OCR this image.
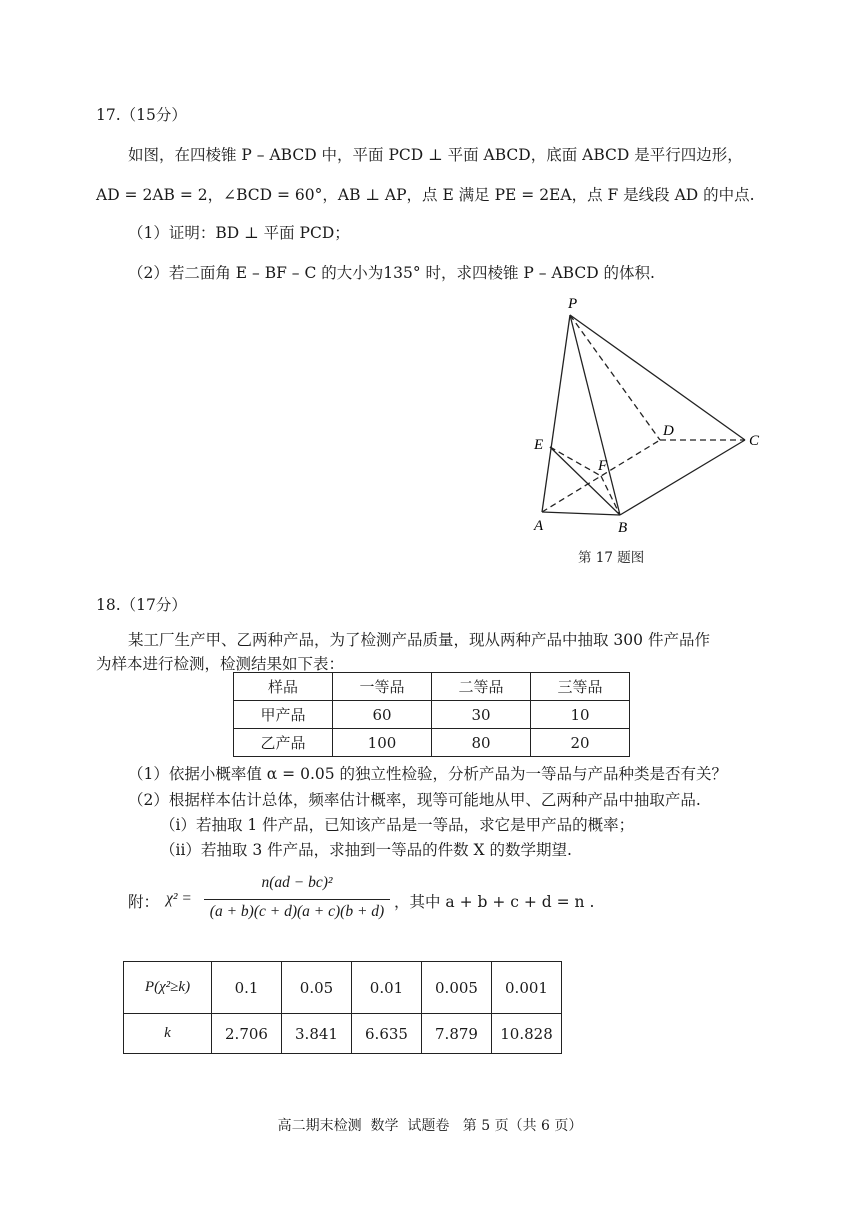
17.（15分）
如图，在四棱锥 P – ABCD 中，平面 PCD ⊥ 平面 ABCD，底面 ABCD 是平行四边形，
AD = 2AB = 2，∠BCD = 60°，AB ⊥ AP，点 E 满足 PE = 2EA，点 F 是线段 AD 的中点.
（1）证明：BD ⊥ 平面 PCD；
（2）若二面角 E – BF – C 的大小为135° 时，求四棱锥 P – ABCD 的体积.
P
D
C
E
F
A	B
第 17 题图
18.（17分）
某工厂生产甲、乙两种产品，为了检测产品质量，现从两种产品中抽取 300 件产品作
为样本进行检测，检测结果如下表：
样品	一等品	二等品	三等品
甲产品	60	30	10
乙产品	100	80	20
（1）依据小概率值 α = 0.05 的独立性检验，分析产品为一等品与产品种类是否有关？
（2）根据样本估计总体，频率估计概率，现等可能地从甲、乙两种产品中抽取产品.
（i）若抽取 1 件产品，已知该产品是一等品，求它是甲产品的概率；
（ii）若抽取 3 件产品，求抽到一等品的件数 X 的数学期望.
附： χ² =
n(ad − bc)²
(a + b)(c + d)(a + c)(b + d)
，其中 a + b + c + d = n .
P(χ²≥k)	0.1	0.05	0.01	0.005	0.001
k	2.706	3.841	6.635	7.879	10.828
高二期末检测  数学  试题卷   第 5 页（共 6 页）
